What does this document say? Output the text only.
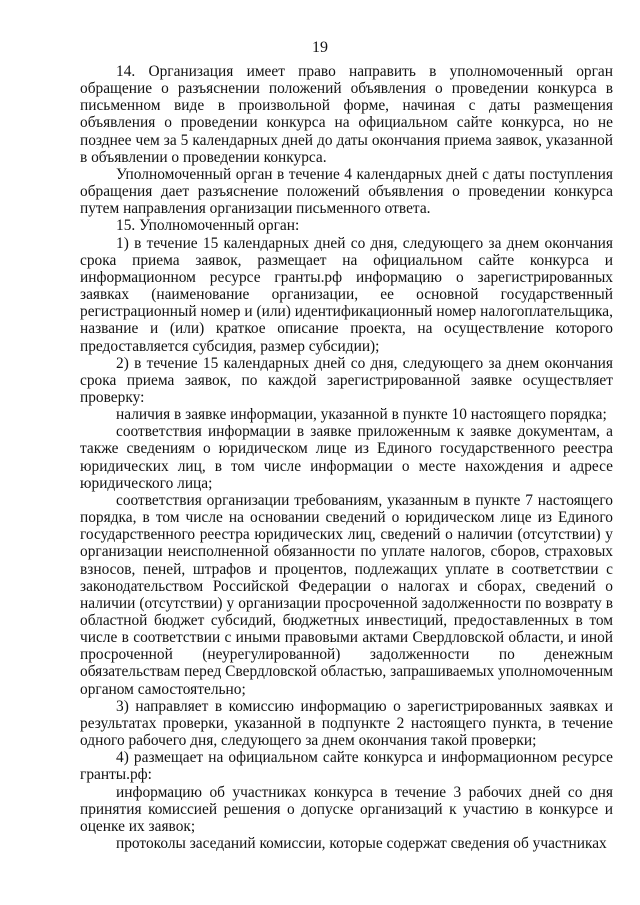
19

14. Организация имеет право направить в уполномоченный орган обращение о разъяснении положений объявления о проведении конкурса в письменном виде в произвольной форме, начиная с даты размещения объявления о проведении конкурса на официальном сайте конкурса, но не позднее чем за 5 календарных дней до даты окончания приема заявок, указанной в объявлении о проведении конкурса.

Уполномоченный орган в течение 4 календарных дней с даты поступления обращения дает разъяснение положений объявления о проведении конкурса путем направления организации письменного ответа.

15. Уполномоченный орган:

1) в течение 15 календарных дней со дня, следующего за днем окончания срока приема заявок, размещает на официальном сайте конкурса и информационном ресурсе гранты.рф информацию о зарегистрированных заявках (наименование организации, ее основной государственный регистрационный номер и (или) идентификационный номер налогоплательщика, название и (или) краткое описание проекта, на осуществление которого предоставляется субсидия, размер субсидии);

2) в течение 15 календарных дней со дня, следующего за днем окончания срока приема заявок, по каждой зарегистрированной заявке осуществляет проверку:

наличия в заявке информации, указанной в пункте 10 настоящего порядка;

соответствия информации в заявке приложенным к заявке документам, а также сведениям о юридическом лице из Единого государственного реестра юридических лиц, в том числе информации о месте нахождения и адресе юридического лица;

соответствия организации требованиям, указанным в пункте 7 настоящего порядка, в том числе на основании сведений о юридическом лице из Единого государственного реестра юридических лиц, сведений о наличии (отсутствии) у организации неисполненной обязанности по уплате налогов, сборов, страховых взносов, пеней, штрафов и процентов, подлежащих уплате в соответствии с законодательством Российской Федерации о налогах и сборах, сведений о наличии (отсутствии) у организации просроченной задолженности по возврату в областной бюджет субсидий, бюджетных инвестиций, предоставленных в том числе в соответствии с иными правовыми актами Свердловской области, и иной просроченной (неурегулированной) задолженности по денежным обязательствам перед Свердловской областью, запрашиваемых уполномоченным органом самостоятельно;

3) направляет в комиссию информацию о зарегистрированных заявках и результатах проверки, указанной в подпункте 2 настоящего пункта, в течение одного рабочего дня, следующего за днем окончания такой проверки;

4) размещает на официальном сайте конкурса и информационном ресурсе гранты.рф:

информацию об участниках конкурса в течение 3 рабочих дней со дня принятия комиссией решения о допуске организаций к участию в конкурсе и оценке их заявок;

протоколы заседаний комиссии, которые содержат сведения об участниках
